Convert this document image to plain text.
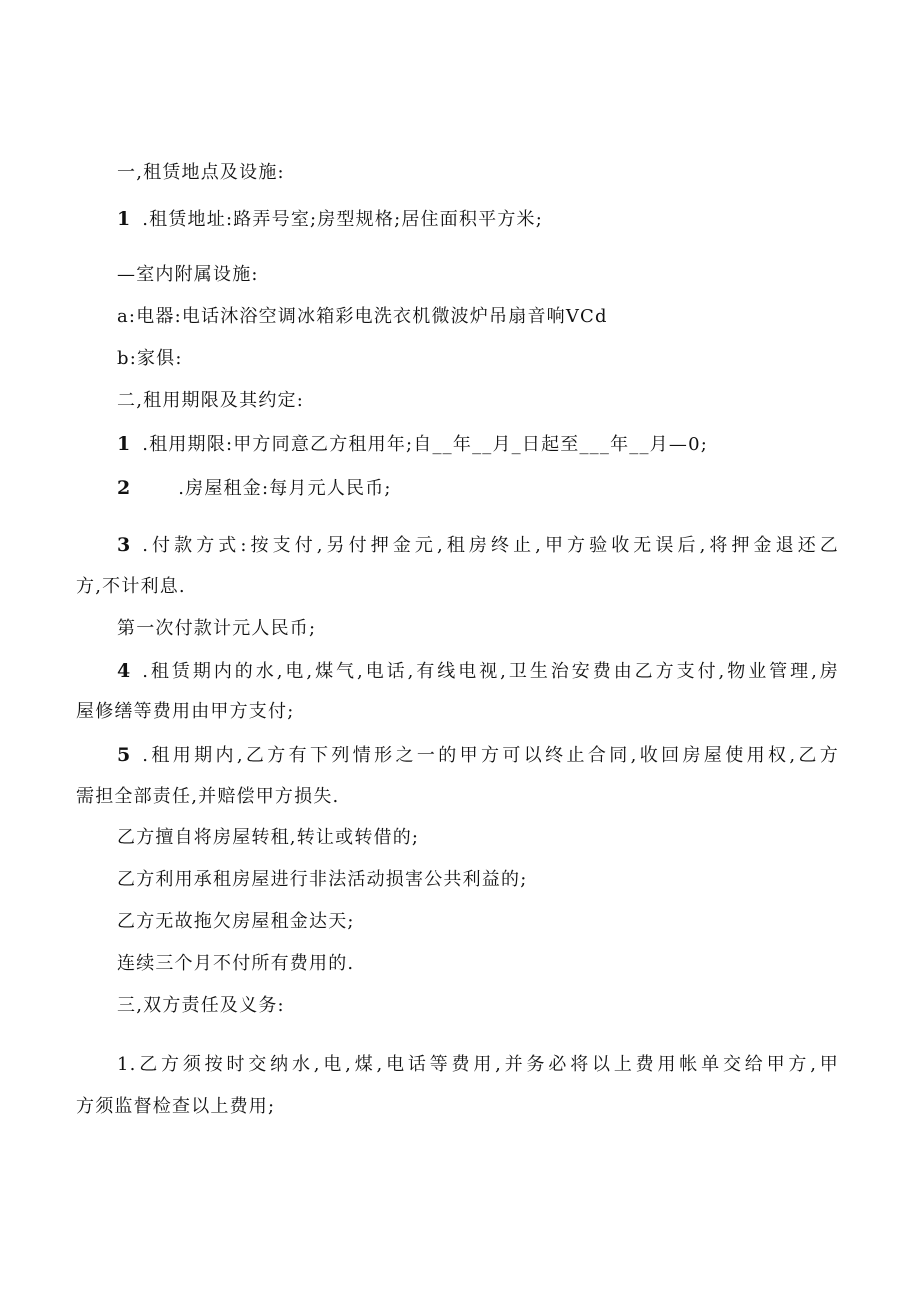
一,租赁地点及设施:
1 .租赁地址:路弄号室;房型规格;居住面积平方米;
—室内附属设施:
a:电器:电话沐浴空调冰箱彩电洗衣机微波炉吊扇音响VCd
b:家俱:
二,租用期限及其约定:
1 .租用期限:甲方同意乙方租用年;自__年__月_日起至___年__月—0;
2	.房屋租金:每月元人民币;
3 .付款方式:按支付,另付押金元,租房终止,甲方验收无误后,将押金退还乙
方,不计利息.
第一次付款计元人民币;
4 .租赁期内的水,电,煤气,电话,有线电视,卫生治安费由乙方支付,物业管理,房
屋修缮等费用由甲方支付;
5 .租用期内,乙方有下列情形之一的甲方可以终止合同,收回房屋使用权,乙方
需担全部责任,并赔偿甲方损失.
乙方擅自将房屋转租,转让或转借的;
乙方利用承租房屋进行非法活动损害公共利益的;
乙方无故拖欠房屋租金达天;
连续三个月不付所有费用的.
三,双方责任及义务:
1.乙方须按时交纳水,电,煤,电话等费用,并务必将以上费用帐单交给甲方,甲
方须监督检查以上费用;
